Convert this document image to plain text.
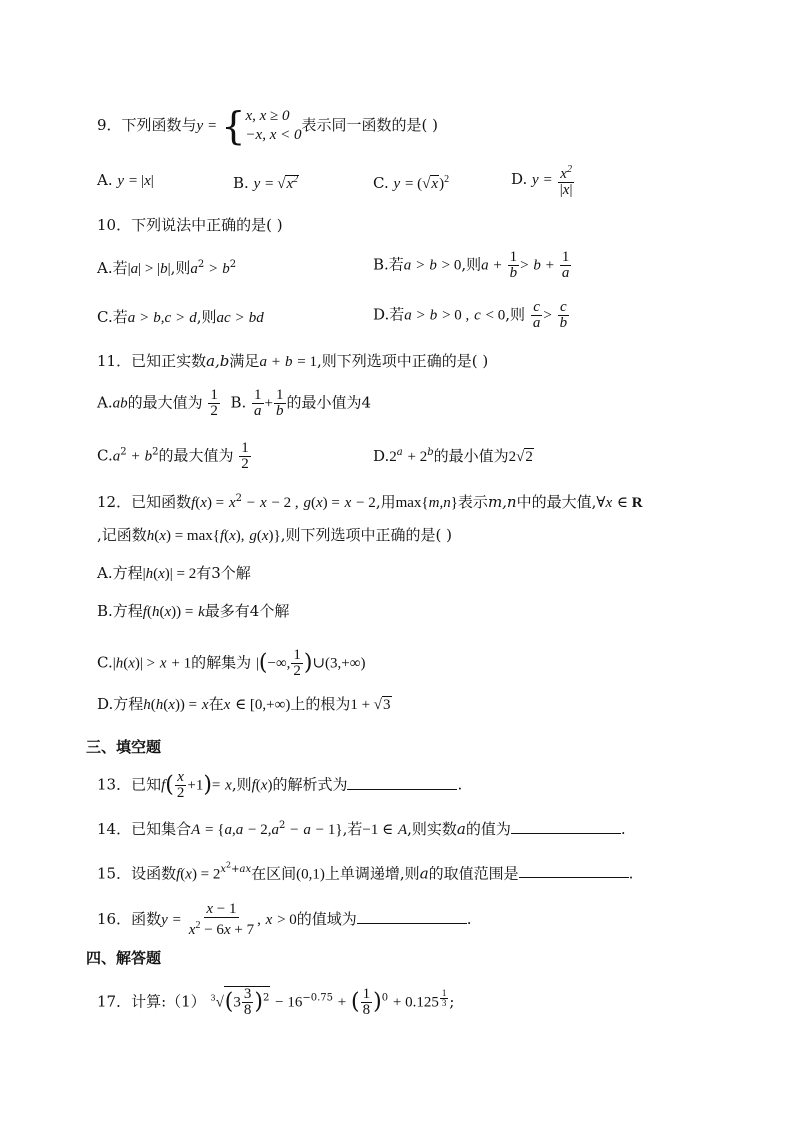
9．下列函数与y = { x, x ≥ 0
−x, x < 0
表示同一函数的是( )
A. y = |x|	B. $y = √x^2$	C. $y = (√x)^2$	D. $y = \frac{x^2}{|x|}$
10．下列说法中正确的是( )
A.若|a| > |b|,则$a^2 > b^2$	B.若a > b > 0,则$a + \frac{1}{b} > b + \frac{1}{a}$
C.若a > b,c > d,则ac > bd	D.若a > b > 0 , c < 0,则 $\frac{c}{a} > \frac{c}{b}$
11．已知正实数a,b满足a + b = 1,则下列选项中正确的是( )
A.ab的最大值为 $\frac{1}{2} B$. $\frac{1}{a} + \frac{1}{b}$ 的最小值为4
$C.a^2 + b^2$的最大值为 $\frac{1}{2}$	$D.2^a + 2^b$的最小值为2√2
12．已知函数$f(x) = x^2 - x - 2$ , g(x) = x − 2,用max{m,n}表示m,n中的最大值,∀x ∈ R
,记函数h(x) = max{f(x), g(x)},则下列选项中正确的是( )
A.方程|h(x)| = 2有3个解
B.方程f(h(x)) = k最多有4个解
C.|h(x)| > x + 1的解集为 |(−∞, $\frac{1}{2}$ )∪(3,+∞)
D.方程h(h(x)) = x在x ∈ [0,+∞)上的根为1 + √3
三、填空题
13．已知$f( \frac{x}{2} +1)= x$,则f(x)的解析式为	.
14．已知集合$A = \{a,a - 2,a^2 - a - 1\}$,若−1 ∈ A,则实数a的值为	.
15．设函数$f(x) = 2^{x^2+ax}$在区间(0,1)上单调递增,则a的取值范围是	.
16．函数$y = \frac{x - 1}{x^2 - 6x + 7}$ , x > 0的值域为	.
四、解答题
17．计算:（1） $^3√(3 \frac{3}{8} )^2 - 16^{-0.75}$ + ( $\frac{1}{8} )^0 + 0.125$ $^{\frac{1}{3}}$ ;
